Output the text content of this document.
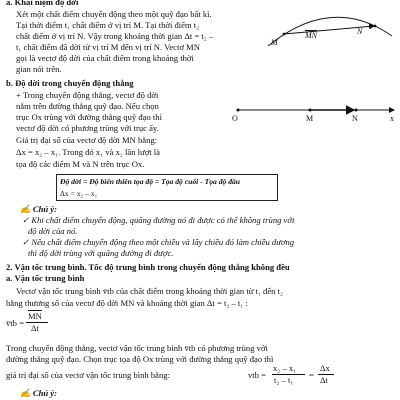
a. Khái niệm độ dời
Xét một chất điểm chuyển động theo một quỹ đạo bất kì.
Tại thời điểm t₁ chất điểm ở vị trí M. Tại thời điểm t₂
chất điểm ở vị trí N. Vậy trong khoảng thời gian Δt = t₂ –
t₁ chất điểm đã dời từ vị trí M đến vị trí N. Vectơ MN
gọi là vectơ độ dời của chất điểm trong khoảng thời
gian nói trên.
M
$\overline{MN}$	N
b. Độ dời trong chuyển động thẳng
+ Trong chuyển động thẳng, vectơ độ dời
nằm trên đường thẳng quỹ đạo. Nếu chọn
trục Ox trùng với đường thẳng quỹ đạo thì
vectơ độ dời có phương trùng với trục ấy.
Giá trị đại số của vectơ độ dời MN bằng:
Δx = x₂ – x₁. Trong đó x₁ và x₂ lần lượt là
tọa độ các điểm M và N trên trục Ox.
O	M	N	x
Độ dời = Độ biến thiên tọa độ = Tọa độ cuối - Tọa độ đầu
Δx = x₂ – x₁
✍ Chú ý:
✓ Khi chất điểm chuyển động, quãng đường nó đi được có thể không trùng với
độ dời của nó.
✓ Nếu chất điểm chuyển động theo một chiều và lấy chiều đó làm chiều dương
thì độ dời trùng với quãng đường đi được.
2. Vận tốc trung bình. Tốc độ trung bình trong chuyển động thẳng không đều
a. Vận tốc trung bình
Vectơ vận tốc trung bình v̄tb của chất điểm trong khoảng thời gian từ t₁ đến t₂
bằng thương số của vectơ độ dời MN và khoảng thời gian Δt = t₂ – t₁ :
v̄tb =
$\overline{MN}$
Δt
Trong chuyển động thẳng, vectơ vận tốc trung bình v̄tb có phương trùng với
đường thẳng quỹ đạo. Chọn trục tọa độ Ox trùng với đường thẳng quỹ đạo thì
giá trị đại số của vectơ vận tốc trung bình bằng:	vtb =
x₂ – x₁
t₂ – t₁ =
Δx
Δt
✍ Chú ý:
